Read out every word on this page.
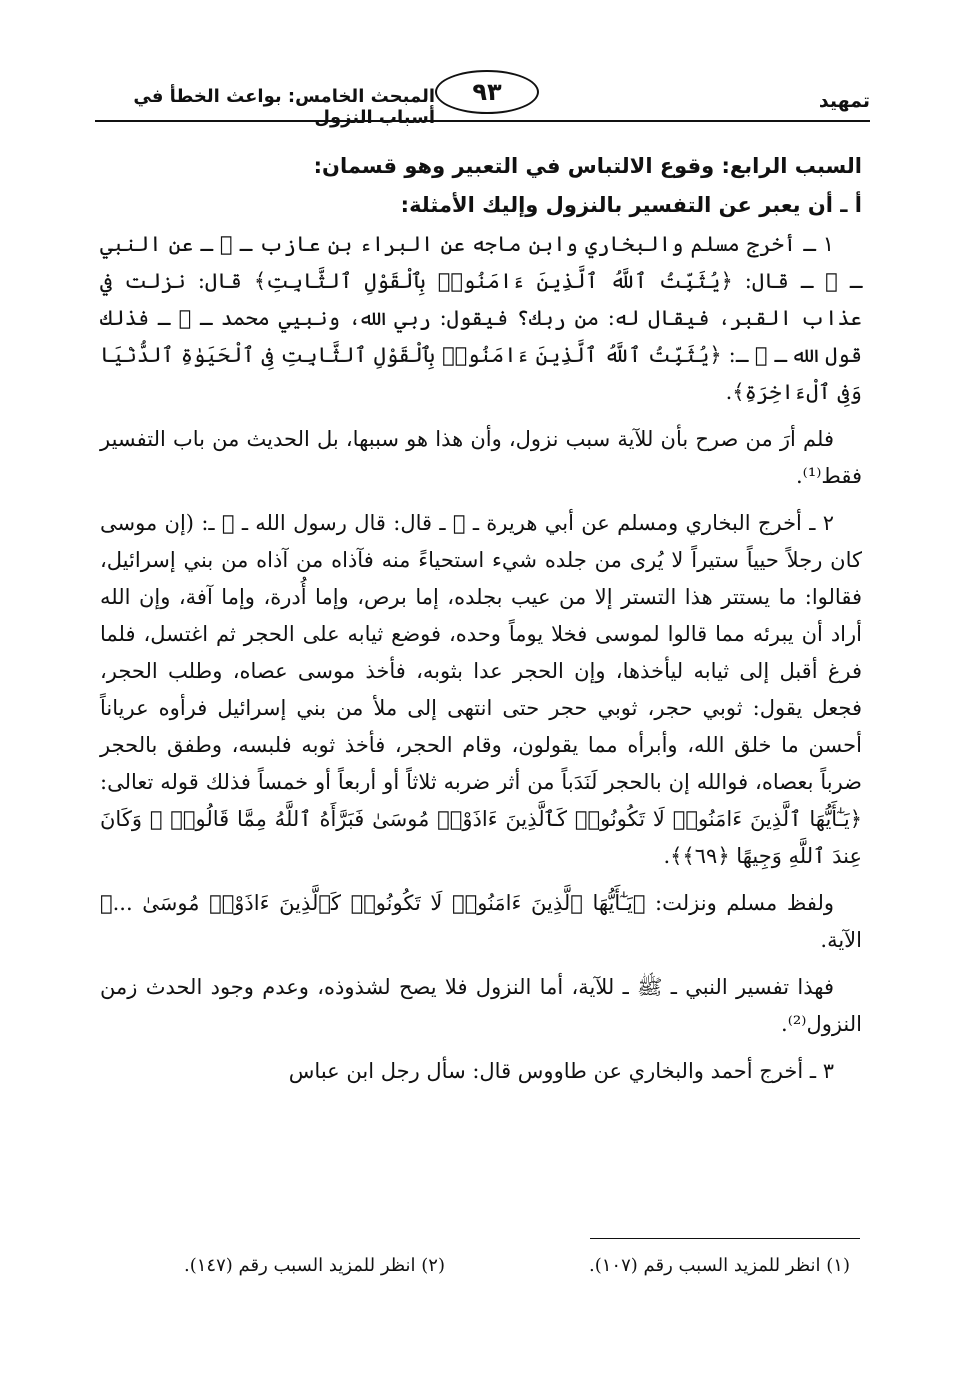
تمهيد
٩٣
المبحث الخامس: بواعث الخطأ في أسباب النزول

السبب الرابع: وقوع الالتباس في التعبير وهو قسمان:

أ ـ أن يعبر عن التفسير بالنزول وإليك الأمثلة:

١ ـ أخرج مسلم والبخاري وابن ماجه عن البراء بن عازب ـ ﷺ ـ عن النبي ـ ﷺ ـ قال: ﴿يُثَبِّتُ ٱللَّهُ ٱلَّذِينَ ءَامَنُوا۟ بِٱلْقَوْلِ ٱلثَّابِتِ﴾ قال: نزلت في عذاب القبر، فيقال له: من ربك؟ فيقول: ربي الله، ونبيي محمد ـ ﷺ ـ فذلك قول الله ـ ﷻ ـ: ﴿يُثَبِّتُ ٱللَّهُ ٱلَّذِينَ ءَامَنُوا۟ بِٱلْقَوْلِ ٱلثَّابِتِ فِى ٱلْحَيَوٰةِ ٱلدُّنْيَا وَفِى ٱلْءَاخِرَةِ﴾.

فلم أرَ من صرح بأن للآية سبب نزول، وأن هذا هو سببها، بل الحديث من باب التفسير فقط⁽¹⁾.

٢ ـ أخرج البخاري ومسلم عن أبي هريرة ـ ﷺ ـ قال: قال رسول الله ـ ﷺ ـ: (إن موسى كان رجلاً حيياً ستيراً لا يُرى من جلده شيء استحياءً منه فآذاه من آذاه من بني إسرائيل، فقالوا: ما يستتر هذا التستر إلا من عيب بجلده، إما برص، وإما أُدرة، وإما آفة، وإن الله أراد أن يبرئه مما قالوا لموسى فخلا يوماً وحده، فوضع ثيابه على الحجر ثم اغتسل، فلما فرغ أقبل إلى ثيابه ليأخذها، وإن الحجر عدا بثوبه، فأخذ موسى عصاه، وطلب الحجر، فجعل يقول: ثوبي حجر، ثوبي حجر حتى انتهى إلى ملأ من بني إسرائيل فرأوه عرياناً أحسن ما خلق الله، وأبرأه مما يقولون، وقام الحجر، فأخذ ثوبه فلبسه، وطفق بالحجر ضرباً بعصاه، فوالله إن بالحجر لَنَدَباً من أثر ضربه ثلاثاً أو أربعاً أو خمساً فذلك قوله تعالى: ﴿يَـٰٓأَيُّهَا ٱلَّذِينَ ءَامَنُوا۟ لَا تَكُونُوا۟ كَٱلَّذِينَ ءَاذَوْا۟ مُوسَىٰ فَبَرَّأَهُ ٱللَّهُ مِمَّا قَالُوا۟ ۚ وَكَانَ عِندَ ٱللَّهِ وَجِيهًا ﴿٦٩﴾﴾.

ولفظ مسلم ونزلت: ﴿يَـٰٓأَيُّهَا ٱلَّذِينَ ءَامَنُوا۟ لَا تَكُونُوا۟ كَٱلَّذِينَ ءَاذَوْا۟ مُوسَىٰ ...﴾ الآية.

فهذا تفسير النبي ـ ﷺ ـ للآية، أما النزول فلا يصح لشذوذه، وعدم وجود الحدث زمن النزول⁽²⁾.

٣ ـ أخرج أحمد والبخاري عن طاووس قال: سأل رجل ابن عباس

(١) انظر للمزيد السبب رقم (١٠٧).
(٢) انظر للمزيد السبب رقم (١٤٧).
